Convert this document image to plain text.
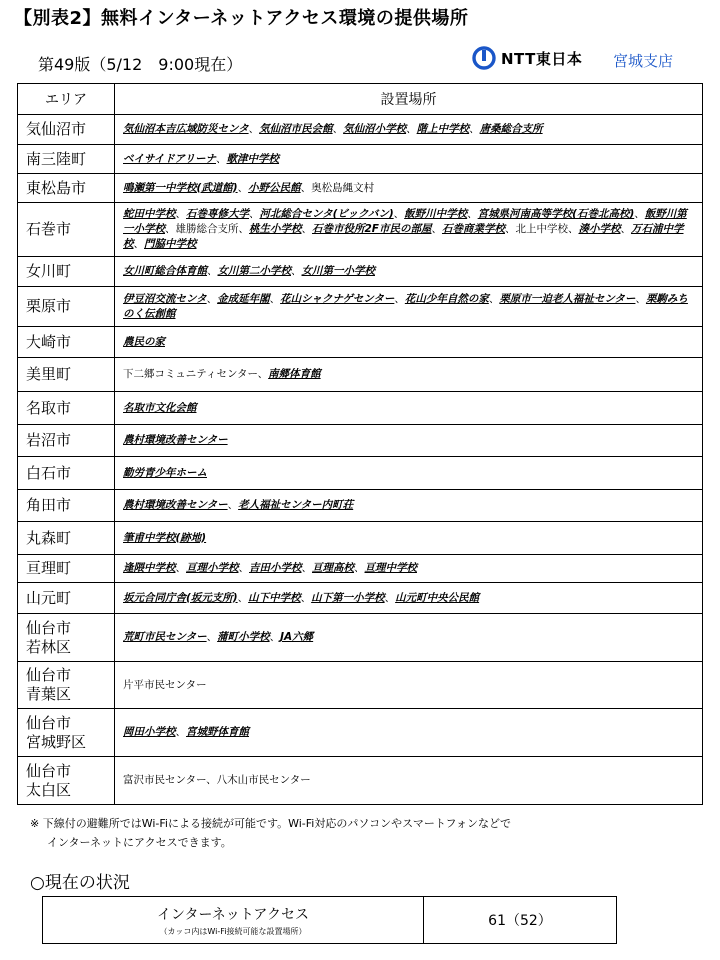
【別表2】無料インターネットアクセス環境の提供場所
第49版（5/12　9:00現在）	NTT東日本 宮城支店
エリア	設置場所

気仙沼市	気仙沼本吉広域防災センタ、気仙沼市民会館、気仙沼小学校、階上中学校、唐桑総合支所

南三陸町	ベイサイドアリーナ、歌津中学校

東松島市	鳴瀬第一中学校(武道館)、小野公民館、奥松島縄文村

石巻市	蛇田中学校、石巻専修大学、河北総合センタ(ビックバン)、飯野川中学校、宮城県河南高等学校(石巻北高校)、飯野川第一小学校、雄勝総合支所、桃生小学校、石巻市役所2F市民の部屋、石巻商業学校、北上中学校、湊小学校、万石浦中学校、門脇中学校

女川町	女川町総合体育館、女川第二小学校、女川第一小学校

栗原市	伊豆沼交流センタ、金成延年閣、花山シャクナゲセンター、花山少年自然の家、栗原市一迫老人福祉センター、栗駒みちのく伝創館

大崎市	農民の家

美里町	下二郷コミュニティセンター、南郷体育館

名取市	名取市文化会館

岩沼市	農村環境改善センター

白石市	勤労青少年ホーム

角田市	農村環境改善センター、老人福祉センター内町荘

丸森町	筆甫中学校(跡地)

亘理町	逢隈中学校、亘理小学校、吉田小学校、亘理高校、亘理中学校

山元町	坂元合同庁舎(坂元支所)、山下中学校、山下第一小学校、山元町中央公民館

仙台市
若林区	荒町市民センター、蒲町小学校、JA六郷

仙台市
青葉区	片平市民センター

仙台市
宮城野区	岡田小学校、宮城野体育館

仙台市
太白区	富沢市民センター、八木山市民センター
※ 下線付の避難所ではWi-Fiによる接続が可能です。Wi-Fi対応のパソコンやスマートフォンなどで
インターネットにアクセスできます。
○現在の状況
インターネットアクセス
（カッコ内はWi-Fi接続可能な設置場所）
	61（52）
